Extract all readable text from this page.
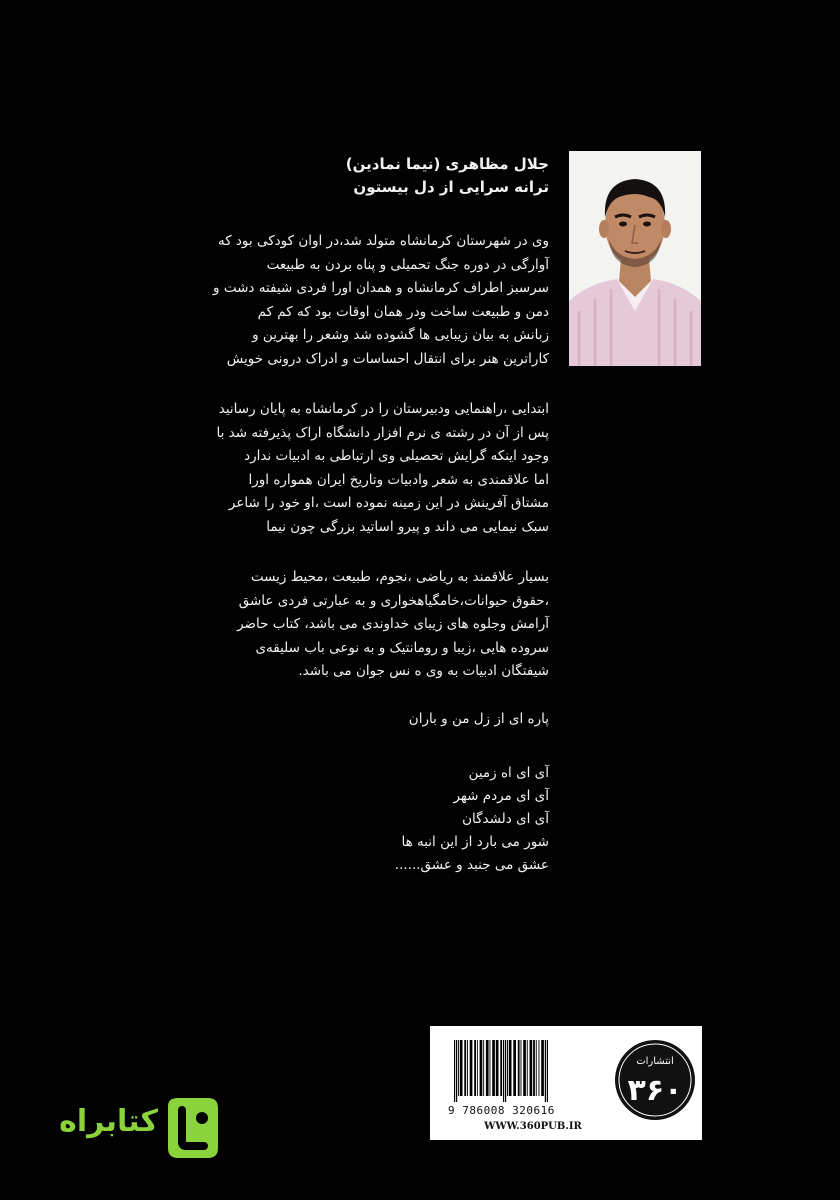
جلال مظاهری (نیما نمادین)
ترانه سرایی از دل بیستون
وی در شهرستان کرمانشاه متولد شد،در اوان کودکی بود که
آوارگی در دوره جنگ تحمیلی و پناه بردن به طبیعت
سرسبز اطراف کرمانشاه و همدان اورا فردی شیفته دشت و
دمن و طبیعت ساخت ودر همان اوقات بود که کم کم
زبانش به بیان زیبایی ها گشوده شد وشعر را بهترین و
کاراترین هنر برای انتقال احساسات و ادراک درونی خویش
ابتدایی ،راهنمایی ودبیرستان را در کرمانشاه به پایان رسانید
پس از آن در رشته ی نرم افزار دانشگاه اراک پذیرفته شد با
وجود اینکه گرایش تحصیلی وی ارتباطی به ادبیات ندارد
اما علاقمندی به شعر وادبیات وتاریخ ایران همواره اورا
مشتاق آفرینش در این زمینه نموده است ،او خود را شاعر
سبک نیمایی می داند و پیرو اساتید بزرگی چون نیما
بسیار علاقمند به ریاضی ،نجوم، طبیعت ،محیط زیست
،حقوق حیوانات،خامگیاهخواری و به عبارتی فردی عاشق
آرامش وجلوه های زیبای خداوندی می باشد، کتاب حاضر
سروده هایی ،زیبا و رومانتیک و به نوعی باب سلیقه‌ی
شیفتگان ادبیات به وی ه نس جوان می باشد.
پاره ای از زل من و باران
آی ای اه زمین
آی ای مردم شهر
آی ای دلشدگان
شور می بارد از این انبه ها
عشق می جنبد و عشق......
9 786008 320616
WWW.360PUB.IR
انتشارات
۳۶۰
کتابراه
